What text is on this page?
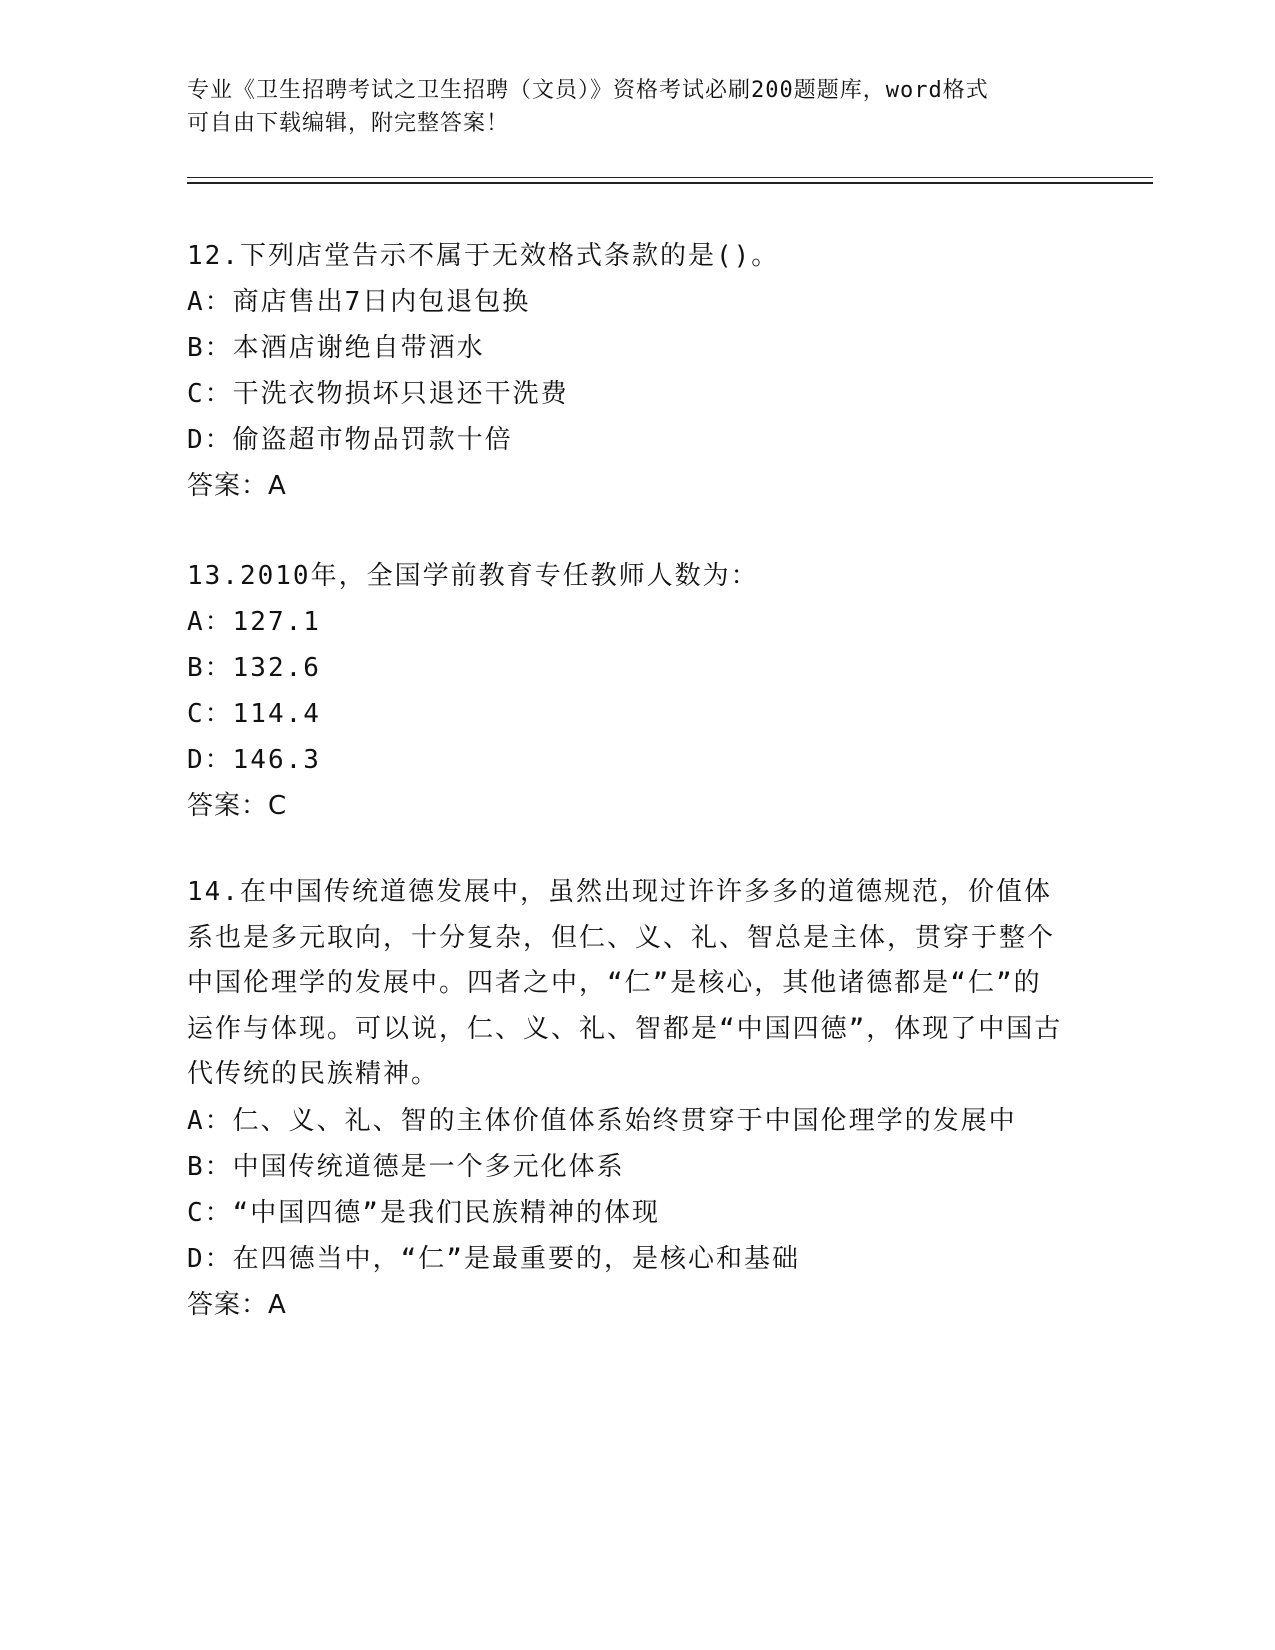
专业《卫生招聘考试之卫生招聘（文员）》资格考试必刷200题题库，word格式
可自由下载编辑，附完整答案！
12.下列店堂告示不属于无效格式条款的是()。
A：商店售出7日内包退包换
B：本酒店谢绝自带酒水
C：干洗衣物损坏只退还干洗费
D：偷盗超市物品罚款十倍
答案：A
13.2010年，全国学前教育专任教师人数为：
A：127.1
B：132.6
C：114.4
D：146.3
答案：C
14.在中国传统道德发展中，虽然出现过许许多多的道德规范，价值体系也是多元取向，十分复杂，但仁、义、礼、智总是主体，贯穿于整个中国伦理学的发展中。四者之中，“仁”是核心，其他诸德都是“仁”的运作与体现。可以说，仁、义、礼、智都是“中国四德”，体现了中国古代传统的民族精神。
A：仁、义、礼、智的主体价值体系始终贯穿于中国伦理学的发展中
B：中国传统道德是一个多元化体系
C：“中国四德”是我们民族精神的体现
D：在四德当中，“仁”是最重要的，是核心和基础
答案：A
